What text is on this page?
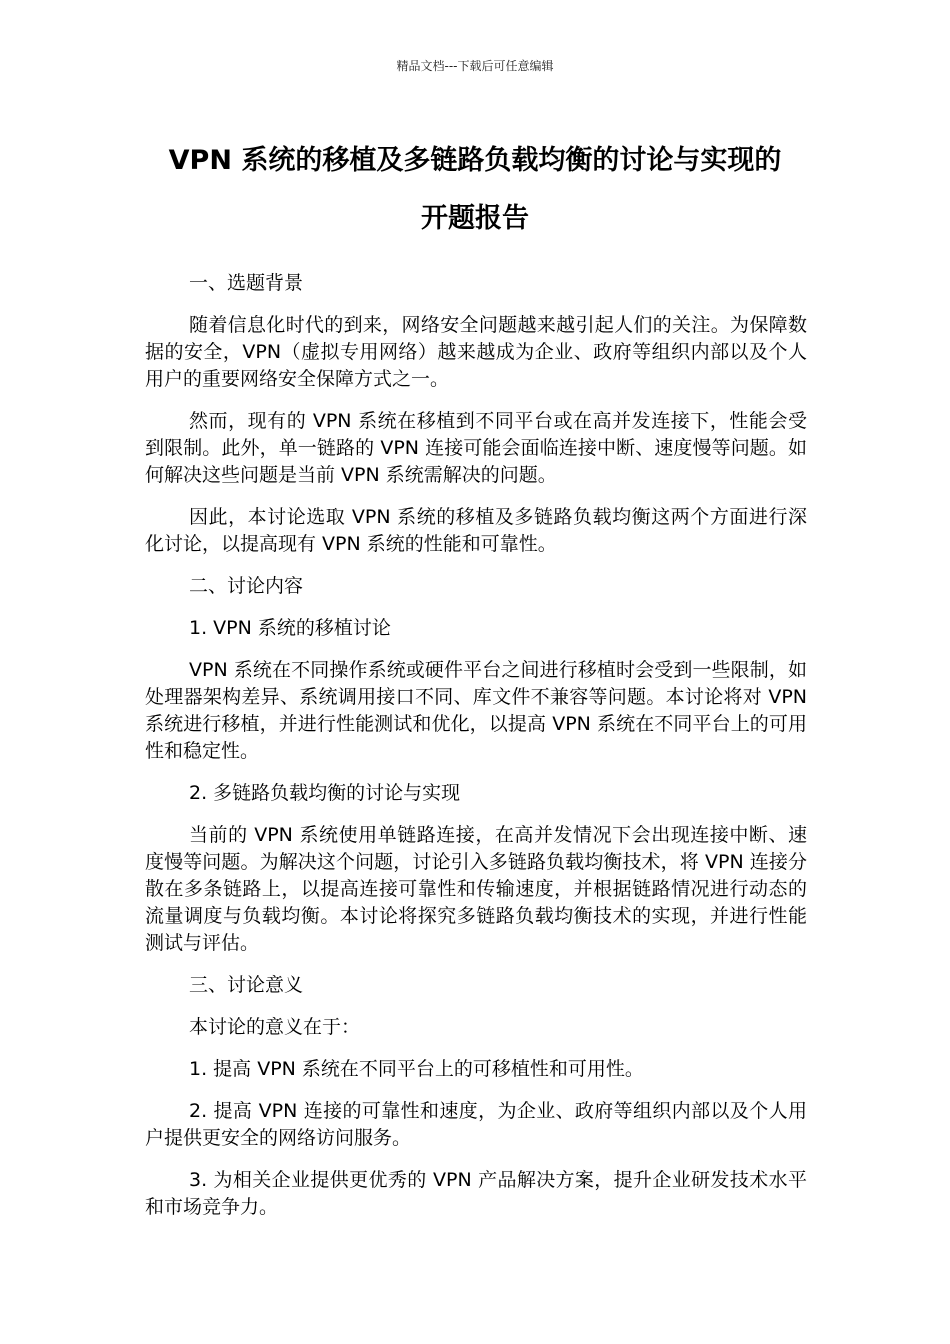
精品文档---下载后可任意编辑
VPN 系统的移植及多链路负载均衡的讨论与实现的
开题报告

一、选题背景

随着信息化时代的到来，网络安全问题越来越引起人们的关注。为保障数据的安全，VPN（虚拟专用网络）越来越成为企业、政府等组织内部以及个人用户的重要网络安全保障方式之一。

然而，现有的 VPN 系统在移植到不同平台或在高并发连接下，性能会受到限制。此外，单一链路的 VPN 连接可能会面临连接中断、速度慢等问题。如何解决这些问题是当前 VPN 系统需解决的问题。

因此，本讨论选取 VPN 系统的移植及多链路负载均衡这两个方面进行深化讨论，以提高现有 VPN 系统的性能和可靠性。

二、讨论内容

1. VPN 系统的移植讨论

VPN 系统在不同操作系统或硬件平台之间进行移植时会受到一些限制，如处理器架构差异、系统调用接口不同、库文件不兼容等问题。本讨论将对 VPN 系统进行移植，并进行性能测试和优化，以提高 VPN 系统在不同平台上的可用性和稳定性。

2. 多链路负载均衡的讨论与实现

当前的 VPN 系统使用单链路连接，在高并发情况下会出现连接中断、速度慢等问题。为解决这个问题，讨论引入多链路负载均衡技术，将 VPN 连接分散在多条链路上，以提高连接可靠性和传输速度，并根据链路情况进行动态的流量调度与负载均衡。本讨论将探究多链路负载均衡技术的实现，并进行性能测试与评估。

三、讨论意义

本讨论的意义在于：

1. 提高 VPN 系统在不同平台上的可移植性和可用性。

2. 提高 VPN 连接的可靠性和速度，为企业、政府等组织内部以及个人用户提供更安全的网络访问服务。

3. 为相关企业提供更优秀的 VPN 产品解决方案，提升企业研发技术水平和市场竞争力。
